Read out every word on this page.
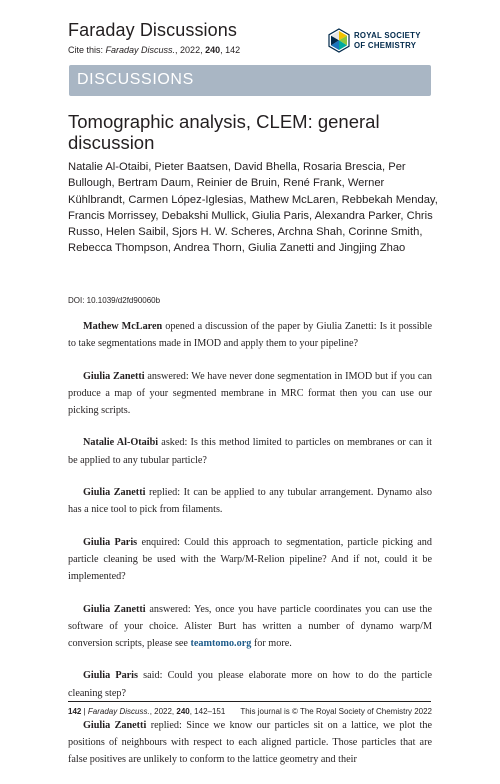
Faraday Discussions
Cite this: Faraday Discuss., 2022, 240, 142
ROYAL SOCIETY
OF CHEMISTRY
DISCUSSIONS
Tomographic analysis, CLEM: general discussion
Natalie Al-Otaibi, Pieter Baatsen, David Bhella, Rosaria Brescia, Per Bullough, Bertram Daum, Reinier de Bruin, René Frank, Werner Kühlbrandt, Carmen López-Iglesias, Mathew McLaren, Rebbekah Menday, Francis Morrissey, Debakshi Mullick, Giulia Paris, Alexandra Parker, Chris Russo, Helen Saibil, Sjors H. W. Scheres, Archna Shah, Corinne Smith, Rebecca Thompson, Andrea Thorn, Giulia Zanetti and Jingjing Zhao
DOI: 10.1039/d2fd90060b

Mathew McLaren opened a discussion of the paper by Giulia Zanetti: Is it possible to take segmentations made in IMOD and apply them to your pipeline?

Giulia Zanetti answered: We have never done segmentation in IMOD but if you can produce a map of your segmented membrane in MRC format then you can use our picking scripts.

Natalie Al-Otaibi asked: Is this method limited to particles on membranes or can it be applied to any tubular particle?

Giulia Zanetti replied: It can be applied to any tubular arrangement. Dynamo also has a nice tool to pick from filaments.

Giulia Paris enquired: Could this approach to segmentation, particle picking and particle cleaning be used with the Warp/M-Relion pipeline? And if not, could it be implemented?

Giulia Zanetti answered: Yes, once you have particle coordinates you can use the software of your choice. Alister Burt has written a number of dynamo warp/M conversion scripts, please see teamtomo.org for more.

Giulia Paris said: Could you please elaborate more on how to do the particle cleaning step?

Giulia Zanetti replied: Since we know our particles sit on a lattice, we plot the positions of neighbours with respect to each aligned particle. Those particles that are false positives are unlikely to conform to the lattice geometry and their

142 | Faraday Discuss., 2022, 240, 142–151 This journal is © The Royal Society of Chemistry 2022
